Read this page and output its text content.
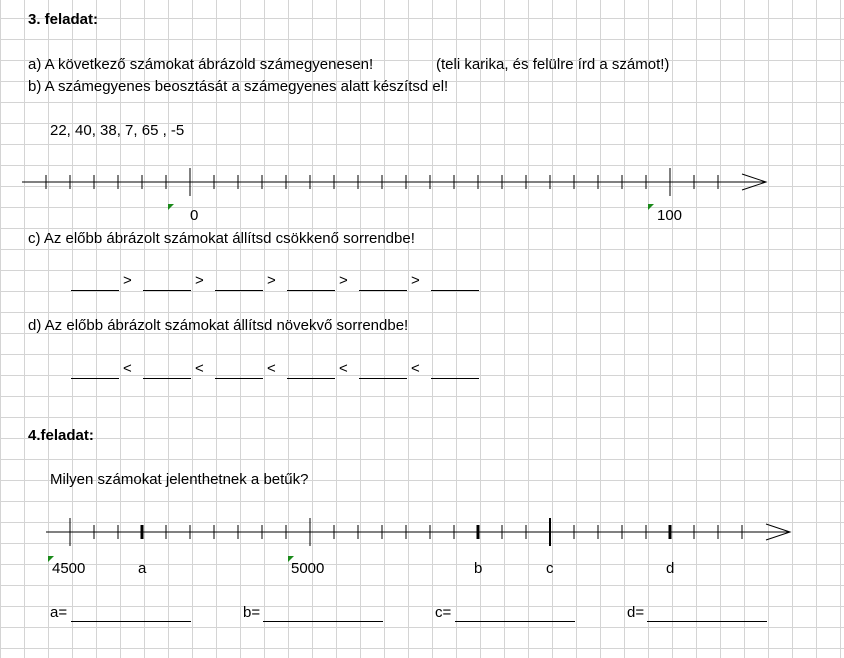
3. feladat:
a) A következő számokat ábrázold számegyenesen!	(teli karika, és felülre írd a számot!)
b) A számegyenes beosztását a számegyenes alatt készítsd el!
22, 40, 38, 7, 65 , -5
0	100
c) Az előbb ábrázolt számokat állítsd csökkenő sorrendbe!
>	>	>	>	>
d) Az előbb ábrázolt számokat állítsd növekvő sorrendbe!
<	<	<	<	<
4.feladat:
Milyen számokat jelenthetnek a betűk?
4500	a	5000	b	c	d
a=	b=	c=	d=
